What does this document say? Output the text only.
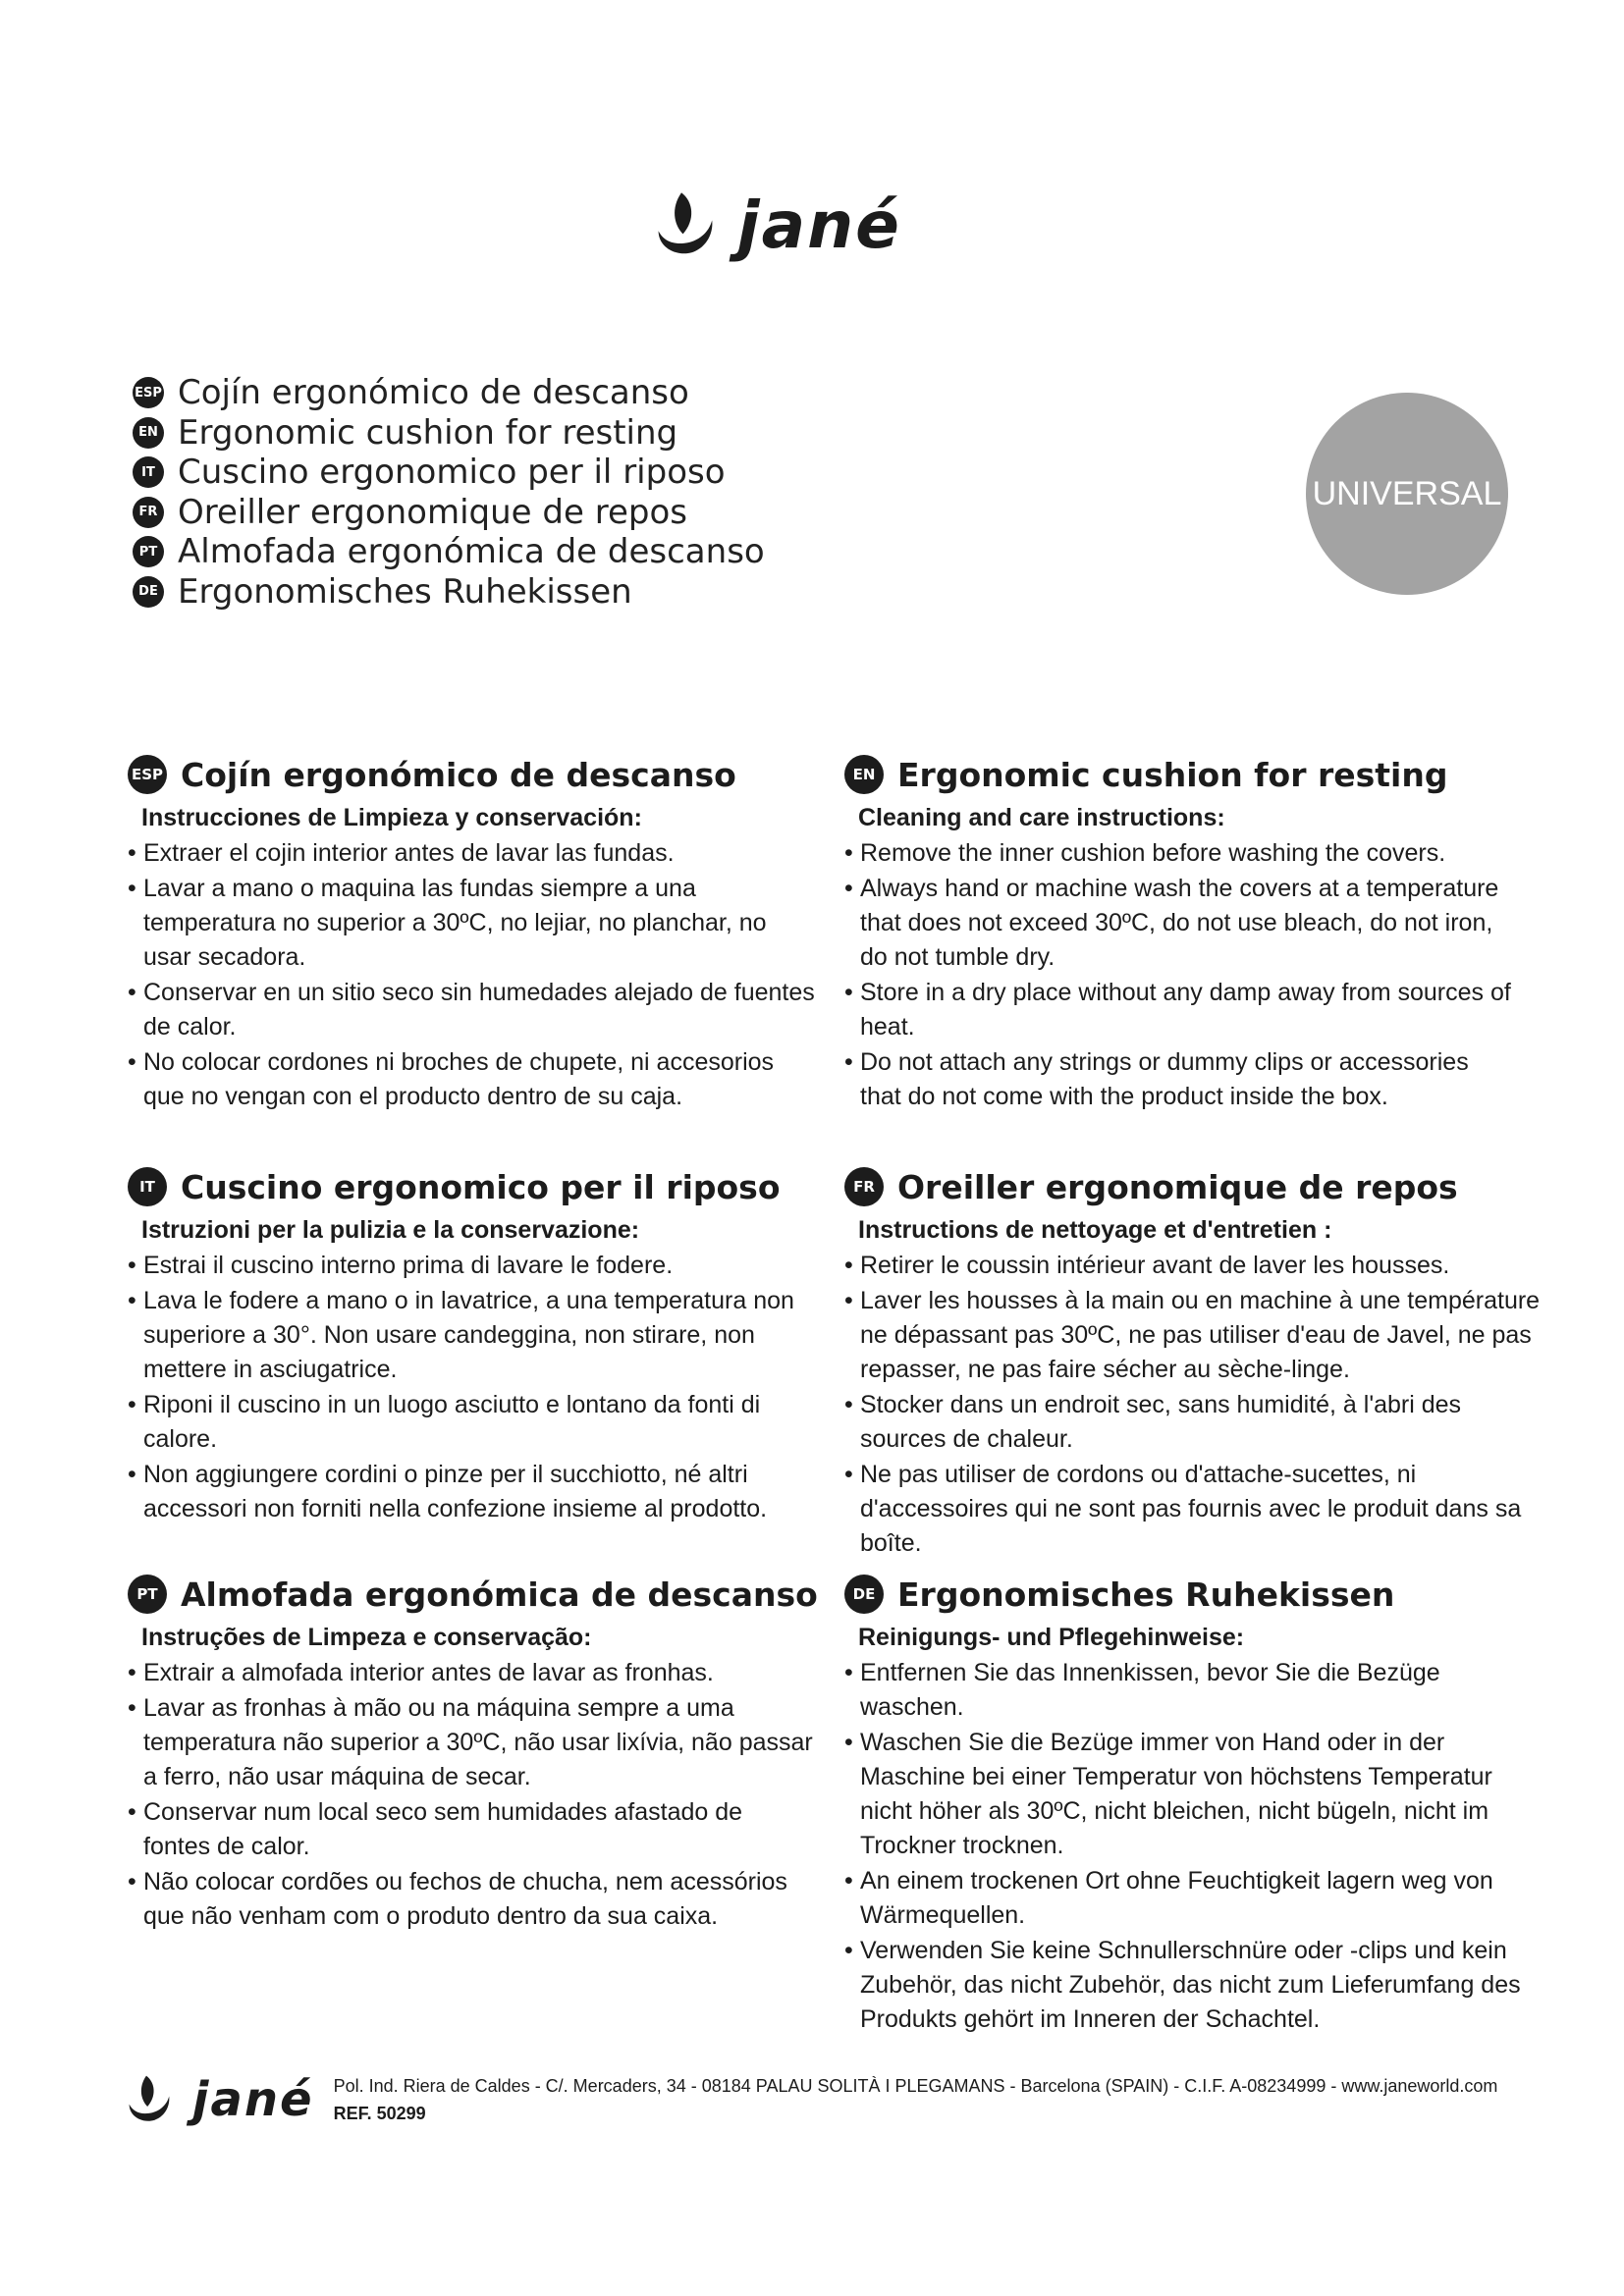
jané
ESP Cojín ergonómico de descanso
EN Ergonomic cushion for resting
IT Cuscino ergonomico per il riposo
FR Oreiller ergonomique de repos
PT Almofada ergonómica de descanso
DE Ergonomisches Ruhekissen
UNIVERSAL
ESP Cojín ergonómico de descanso
Instrucciones de Limpieza y conservación:
• Extraer el cojin interior antes de lavar las fundas.
• Lavar a mano o maquina las fundas siempre a una temperatura no superior a 30ºC, no lejiar, no planchar, no usar secadora.
• Conservar en un sitio seco sin humedades alejado de fuentes de calor.
• No colocar cordones ni broches de chupete, ni accesorios que no vengan con el producto dentro de su caja.
EN Ergonomic cushion for resting
Cleaning and care instructions:
• Remove the inner cushion before washing the covers.
• Always hand or machine wash the covers at a temperature that does not exceed 30ºC, do not use bleach, do not iron, do not tumble dry.
• Store in a dry place without any damp away from sources of heat.
• Do not attach any strings or dummy clips or accessories that do not come with the product inside the box.
IT Cuscino ergonomico per il riposo
Istruzioni per la pulizia e la conservazione:
• Estrai il cuscino interno prima di lavare le fodere.
• Lava le fodere a mano o in lavatrice, a una temperatura non superiore a 30°. Non usare candeggina, non stirare, non mettere in asciugatrice.
• Riponi il cuscino in un luogo asciutto e lontano da fonti di calore.
• Non aggiungere cordini o pinze per il succhiotto, né altri accessori non forniti nella confezione insieme al prodotto.
FR Oreiller ergonomique de repos
Instructions de nettoyage et d'entretien :
• Retirer le coussin intérieur avant de laver les housses.
• Laver les housses à la main ou en machine à une température ne dépassant pas 30ºC, ne pas utiliser d'eau de Javel, ne pas repasser, ne pas faire sécher au sèche-linge.
• Stocker dans un endroit sec, sans humidité, à l'abri des sources de chaleur.
• Ne pas utiliser de cordons ou d'attache-sucettes, ni d'accessoires qui ne sont pas fournis avec le produit dans sa boîte.
PT Almofada ergonómica de descanso
Instruções de Limpeza e conservação:
• Extrair a almofada interior antes de lavar as fronhas.
• Lavar as fronhas à mão ou na máquina sempre a uma temperatura não superior a 30ºC, não usar lixívia, não passar a ferro, não usar máquina de secar.
• Conservar num local seco sem humidades afastado de fontes de calor.
• Não colocar cordões ou fechos de chucha, nem acessórios que não venham com o produto dentro da sua caixa.
DE Ergonomisches Ruhekissen
Reinigungs- und Pflegehinweise:
• Entfernen Sie das Innenkissen, bevor Sie die Bezüge waschen.
• Waschen Sie die Bezüge immer von Hand oder in der Maschine bei einer Temperatur von höchstens Temperatur nicht höher als 30ºC, nicht bleichen, nicht bügeln, nicht im Trockner trocknen.
• An einem trockenen Ort ohne Feuchtigkeit lagern weg von Wärmequellen.
• Verwenden Sie keine Schnullerschnüre oder -clips und kein Zubehör, das nicht Zubehör, das nicht zum Lieferumfang des Produkts gehört im Inneren der Schachtel.
jané Pol. Ind. Riera de Caldes - C/. Mercaders, 34 - 08184 PALAU SOLITÀ I PLEGAMANS - Barcelona (SPAIN) - C.I.F. A-08234999 - www.janeworld.com
REF. 50299
